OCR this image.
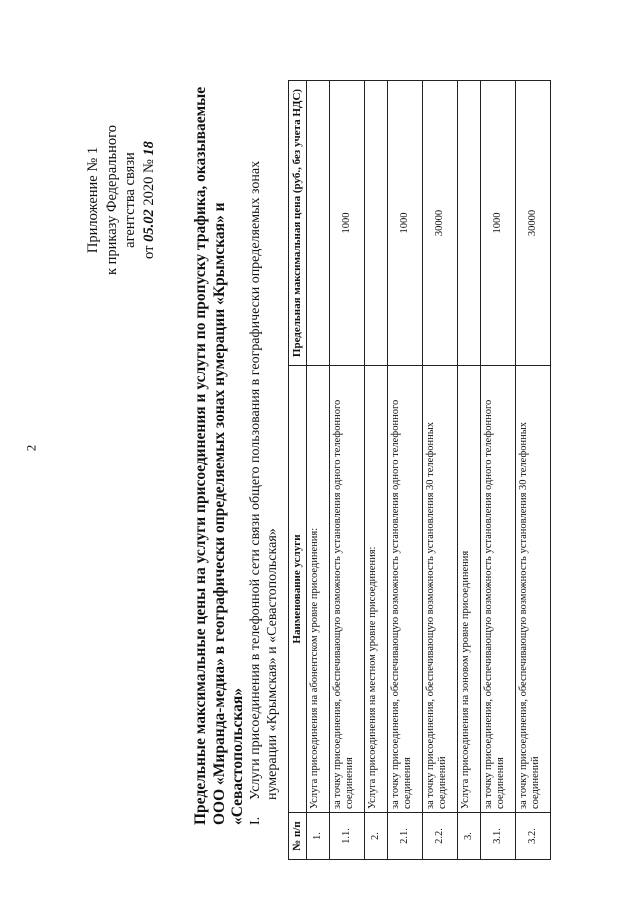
2
Приложение № 1 к приказу Федерального агентства связи
от 05.02 2020 № 18 Предельные максимальные цены на услуги присоединения и услуги по пропуску трафика, оказываемые ООО «Миранда-медиа» в географически определяемых зонах нумерации «Крымская» и «Севастопольская» I.
Услуги присоединения в телефонной сети связи общего пользования в географически определяемых зонах нумерации «Крымская» и «Севастопольская»
№ п/п	Наименование услуги	Предельная максимальная цена (руб., без учета НДС)
1.	Услуга присоединения на абонентском уровне присоединения:	
1.1.	за точку присоединения, обеспечивающую возможность установления одного телефонного соединения	1000
2.	Услуга присоединения на местном уровне присоединения:	
2.1.	за точку присоединения, обеспечивающую возможность установления одного телефонного соединения	1000
2.2.	за точку присоединения, обеспечивающую возможность установления 30 телефонных соединений	30000
3.	Услуга присоединения на зоновом уровне присоединения	
3.1.	за точку присоединения, обеспечивающую возможность установления одного телефонного соединения	1000
3.2.	за точку присоединения, обеспечивающую возможность установления 30 телефонных соединений	30000
